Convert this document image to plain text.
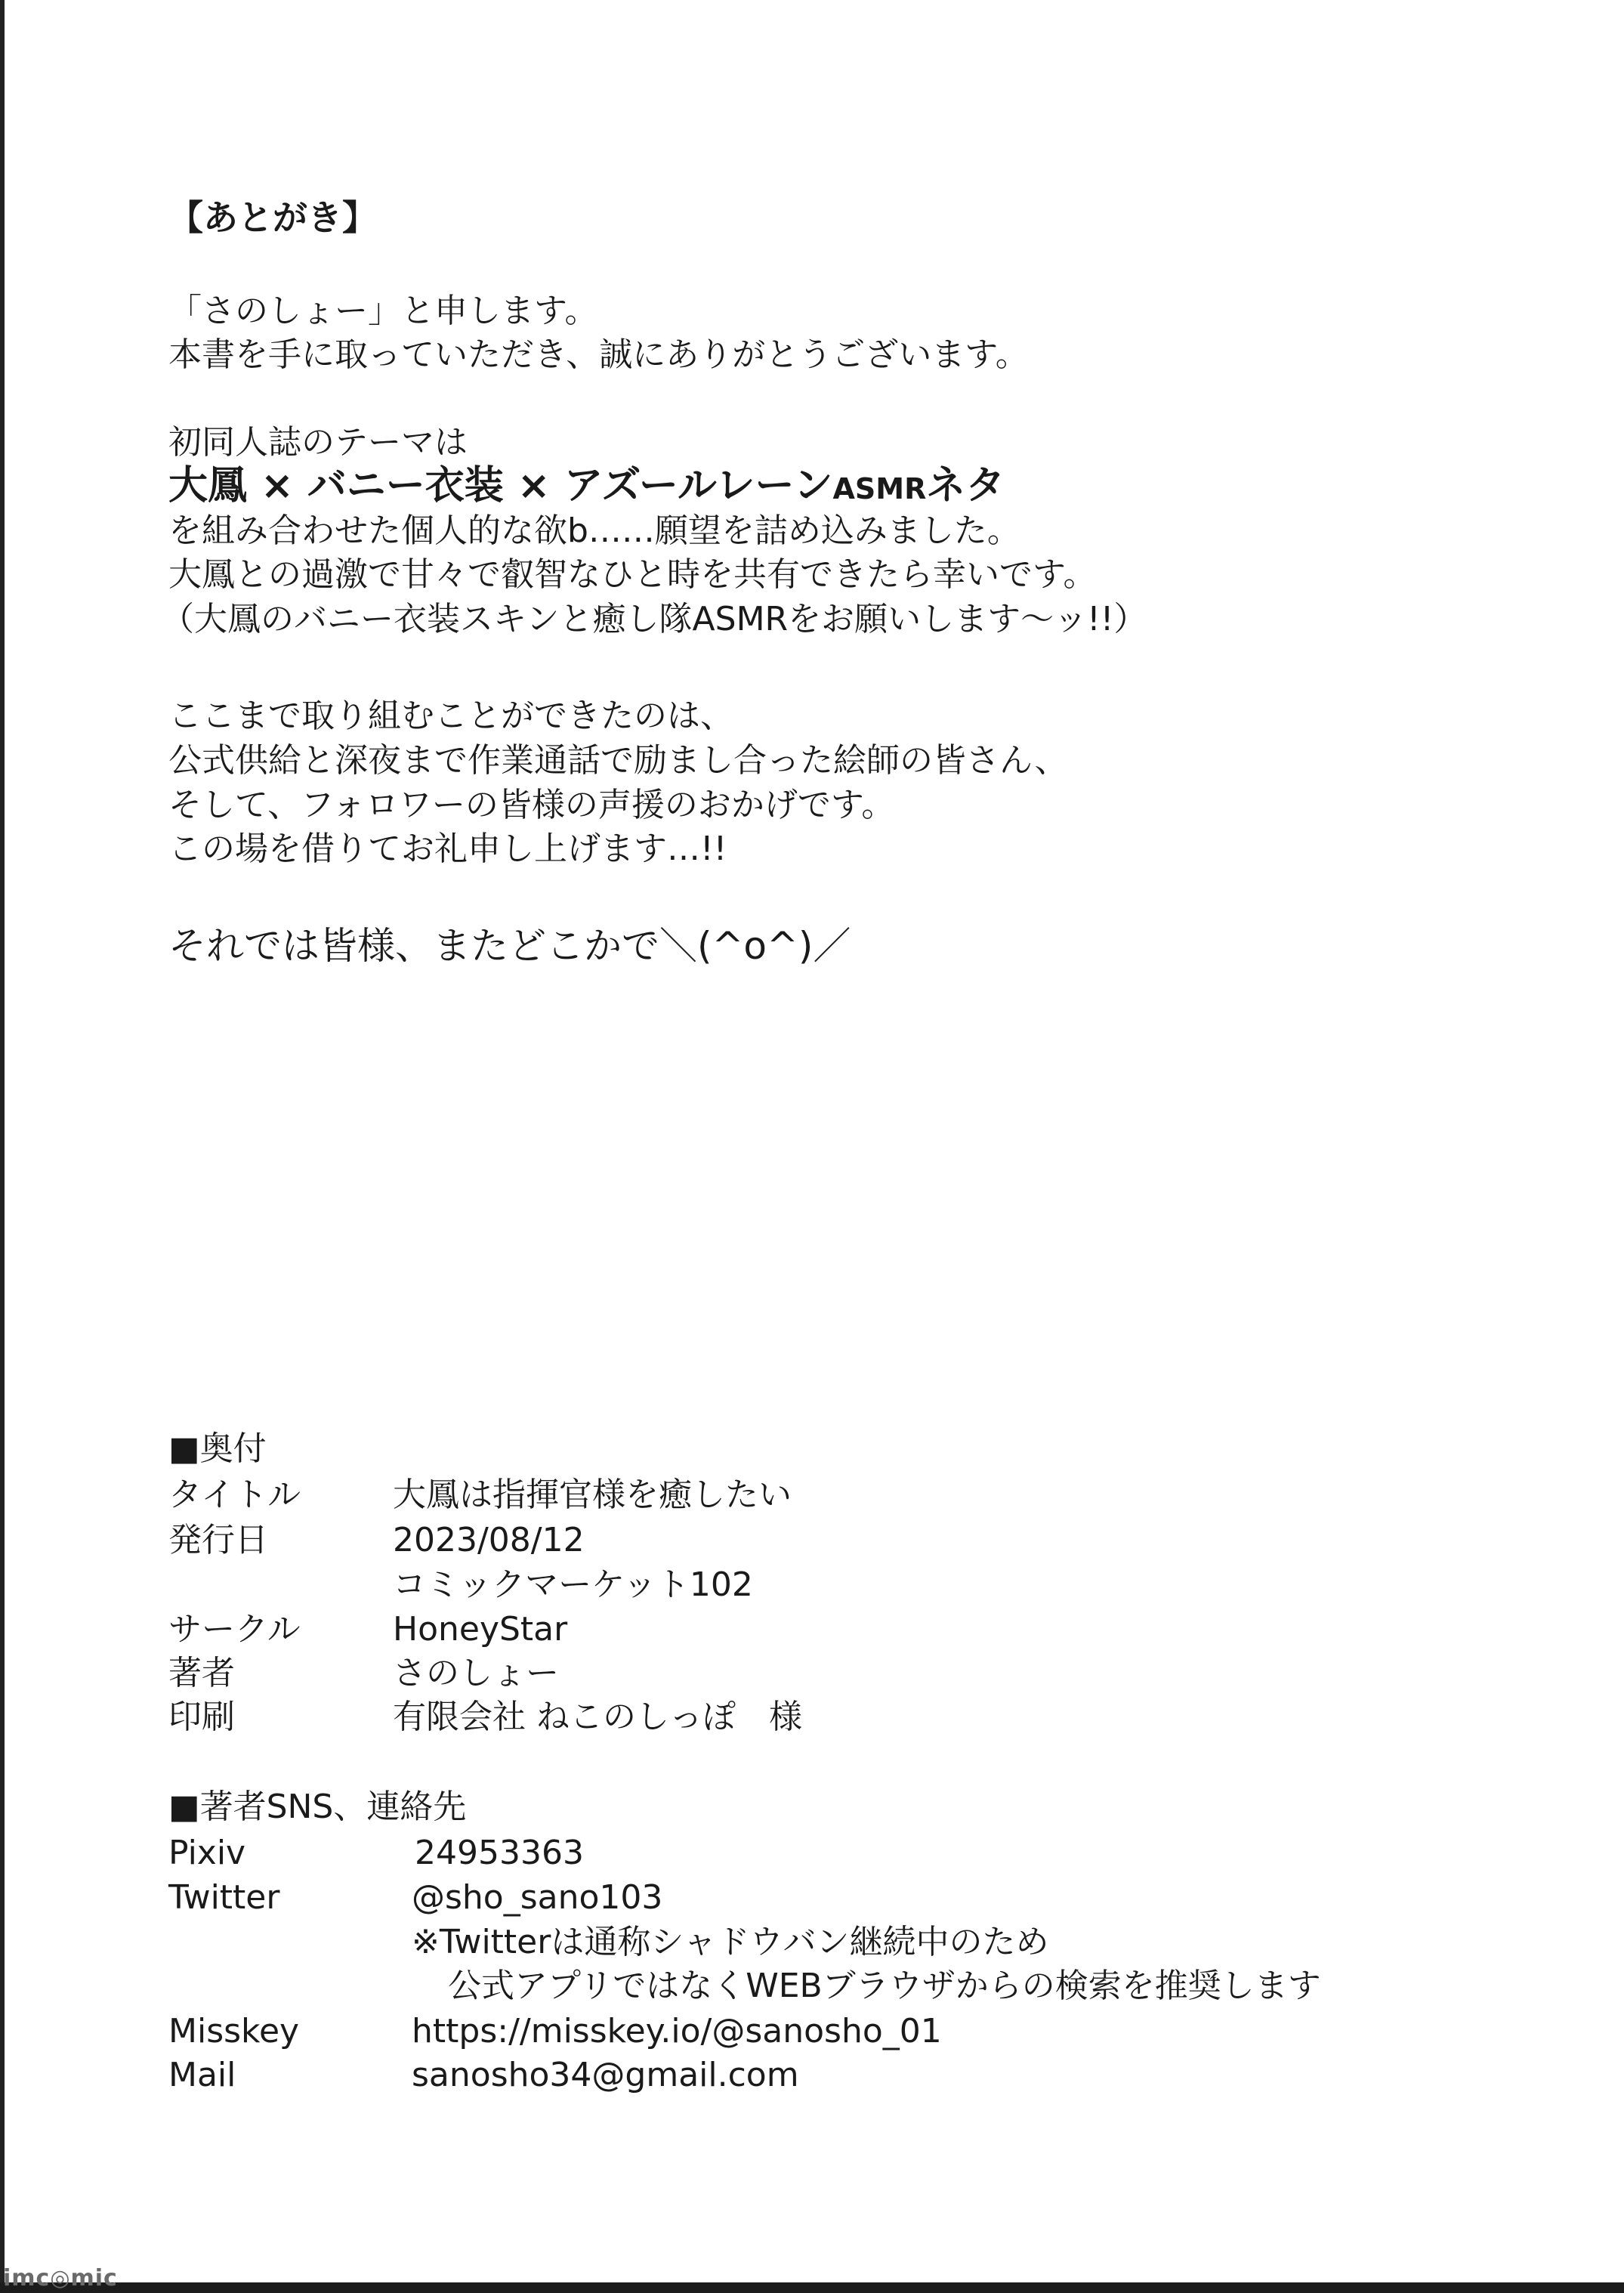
【あとがき】
「さのしょー」と申します。
本書を手に取っていただき、誠にありがとうございます。
初同人誌のテーマは
大鳳 × バニー衣装 × アズールレーンASMRネタ
を組み合わせた個人的な欲b……願望を詰め込みました。
大鳳との過激で甘々で叡智なひと時を共有できたら幸いです。
（大鳳のバニー衣装スキンと癒し隊ASMRをお願いします〜ッ!!）
ここまで取り組むことができたのは、
公式供給と深夜まで作業通話で励まし合った絵師の皆さん、
そして、フォロワーの皆様の声援のおかげです。
この場を借りてお礼申し上げます…!!
それでは皆様、またどこかで＼(^o^)／
■奥付
タイトル	大鳳は指揮官様を癒したい
発行日	2023/08/12
コミックマーケット102
サークル	HoneyStar
著者	さのしょー
印刷	有限会社 ねこのしっぽ　様
■著者SNS、連絡先
Pixiv	24953363
Twitter	@sho_sano103
※Twitterは通称シャドウバン継続中のため
公式アプリではなくWEBブラウザからの検索を推奨します
Misskey	https://misskey.io/@sanosho_01
Mail	sanosho34@gmail.com
imc◎mic
